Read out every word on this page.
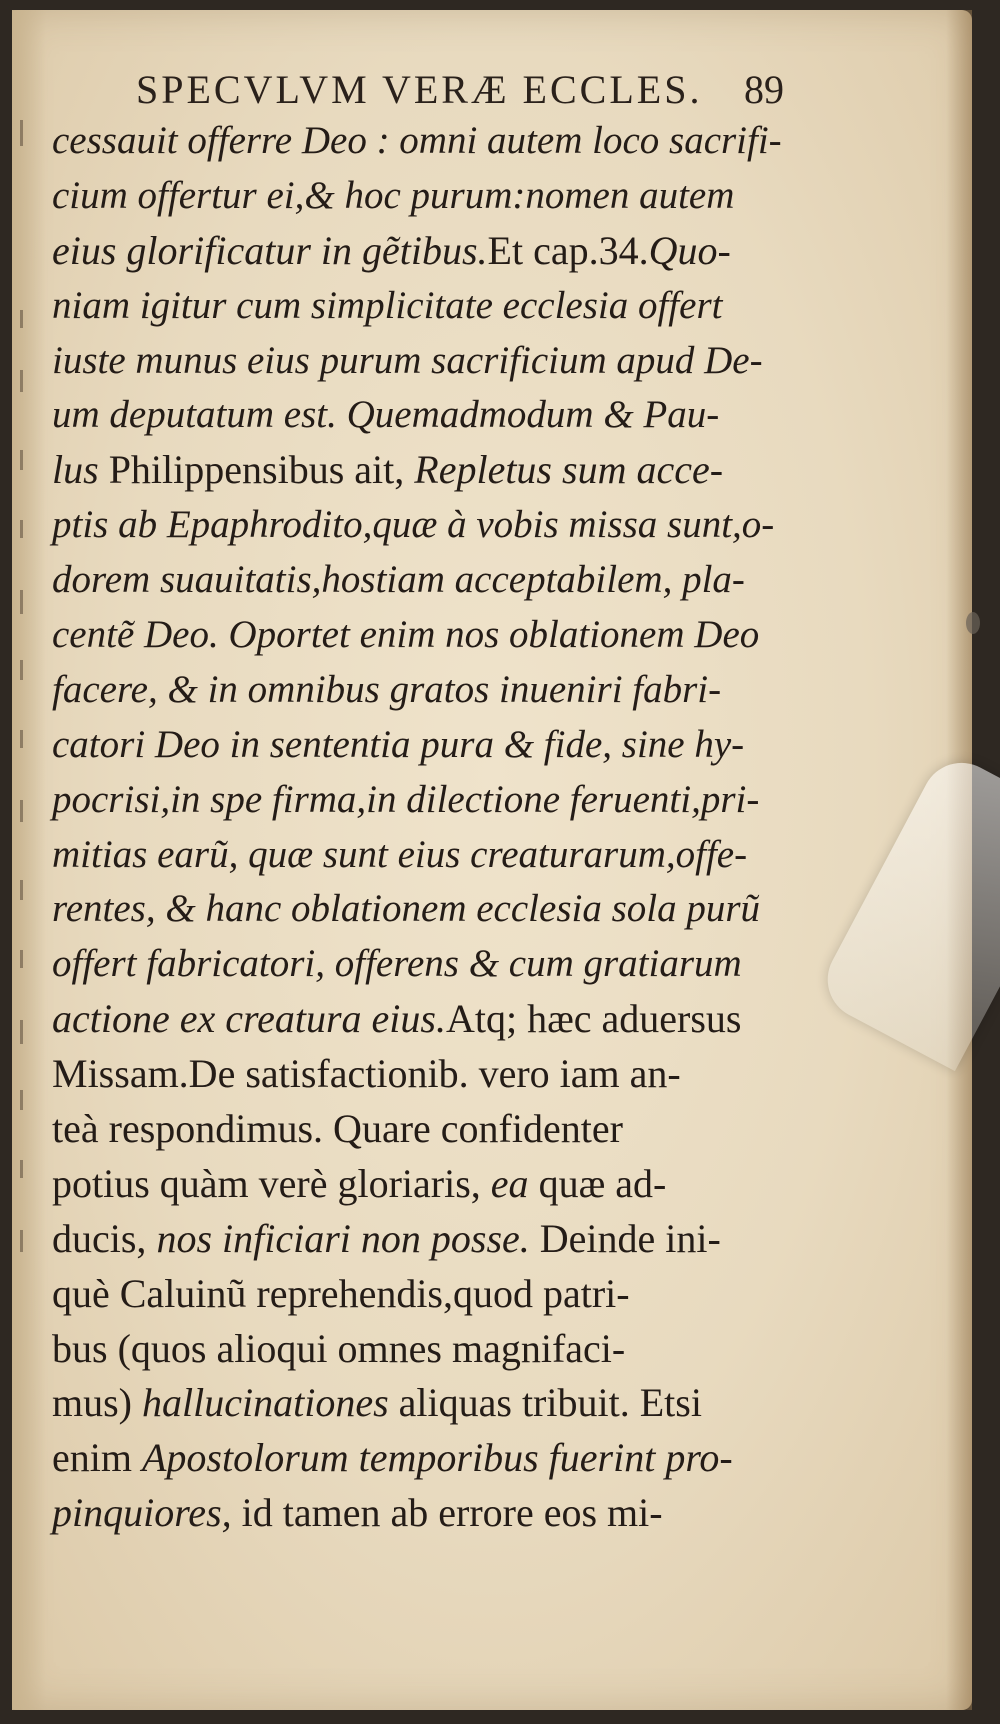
SPECVLVM VERÆ ECCLES. 89
cessauit offerre Deo : omni autem loco sacrifi-
cium offertur ei,& hoc purum:nomen autem
eius glorificatur in gẽtibus.Et cap.34.Quo-
niam igitur cum simplicitate ecclesia offert
iuste munus eius purum sacrificium apud De-
um deputatum est. Quemadmodum & Pau-
lus Philippensibus ait, Repletus sum acce-
ptis ab Epaphrodito,quæ à vobis missa sunt,o-
dorem suauitatis,hostiam acceptabilem, pla-
centẽ Deo. Oportet enim nos oblationem Deo
facere, & in omnibus gratos inueniri fabri-
catori Deo in sententia pura & fide, sine hy-
pocrisi,in spe firma,in dilectione feruenti,pri-
mitias earũ, quæ sunt eius creaturarum,offe-
rentes, & hanc oblationem ecclesia sola purũ
offert fabricatori, offerens & cum gratiarum
actione ex creatura eius.Atq; hæc aduersus
Missam.De satisfactionib. vero iam an-
teà respondimus. Quare confidenter
potius quàm verè gloriaris, ea quæ ad-
ducis, nos inficiari non posse. Deinde ini-
què Caluinũ reprehendis,quod patri-
bus (quos alioqui omnes magnifaci-
mus) hallucinationes aliquas tribuit. Etsi
enim Apostolorum temporibus fuerint pro-
pinquiores, id tamen ab errore eos mi-
